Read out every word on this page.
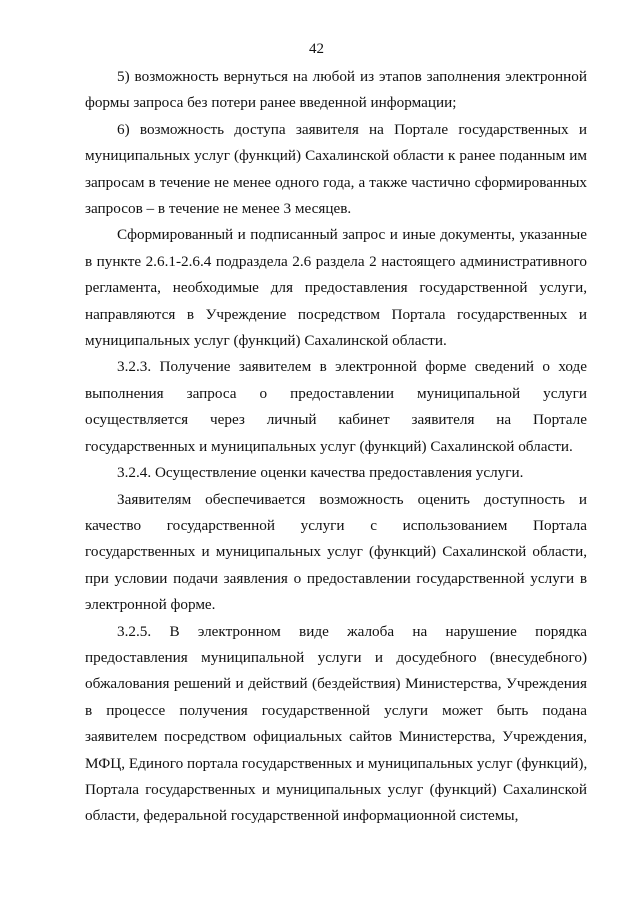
42
5) возможность вернуться на любой из этапов заполнения электронной
формы запроса без потери ранее введенной информации;
6) возможность доступа заявителя на Портале государственных и
муниципальных услуг (функций) Сахалинской области к ранее поданным им
запросам в течение не менее одного года, а также частично сформированных
запросов – в течение не менее 3 месяцев.
Сформированный и подписанный запрос и иные документы, указанные
в пункте 2.6.1-2.6.4 подраздела 2.6 раздела 2 настоящего административного
регламента, необходимые для предоставления государственной услуги,
направляются в Учреждение посредством Портала государственных и
муниципальных услуг (функций) Сахалинской области.
3.2.3. Получение заявителем в электронной форме сведений о ходе
выполнения запроса о предоставлении муниципальной услуги
осуществляется через личный кабинет заявителя на Портале
государственных и муниципальных услуг (функций) Сахалинской области.
3.2.4. Осуществление оценки качества предоставления услуги.
Заявителям обеспечивается возможность оценить доступность и
качество государственной услуги с использованием Портала
государственных и муниципальных услуг (функций) Сахалинской области,
при условии подачи заявления о предоставлении государственной услуги в
электронной форме.
3.2.5. В электронном виде жалоба на нарушение порядка
предоставления муниципальной услуги и досудебного (внесудебного)
обжалования решений и действий (бездействия) Министерства, Учреждения
в процессе получения государственной услуги может быть подана
заявителем посредством официальных сайтов Министерства, Учреждения,
МФЦ, Единого портала государственных и муниципальных услуг (функций),
Портала государственных и муниципальных услуг (функций) Сахалинской
области, федеральной государственной информационной системы,
